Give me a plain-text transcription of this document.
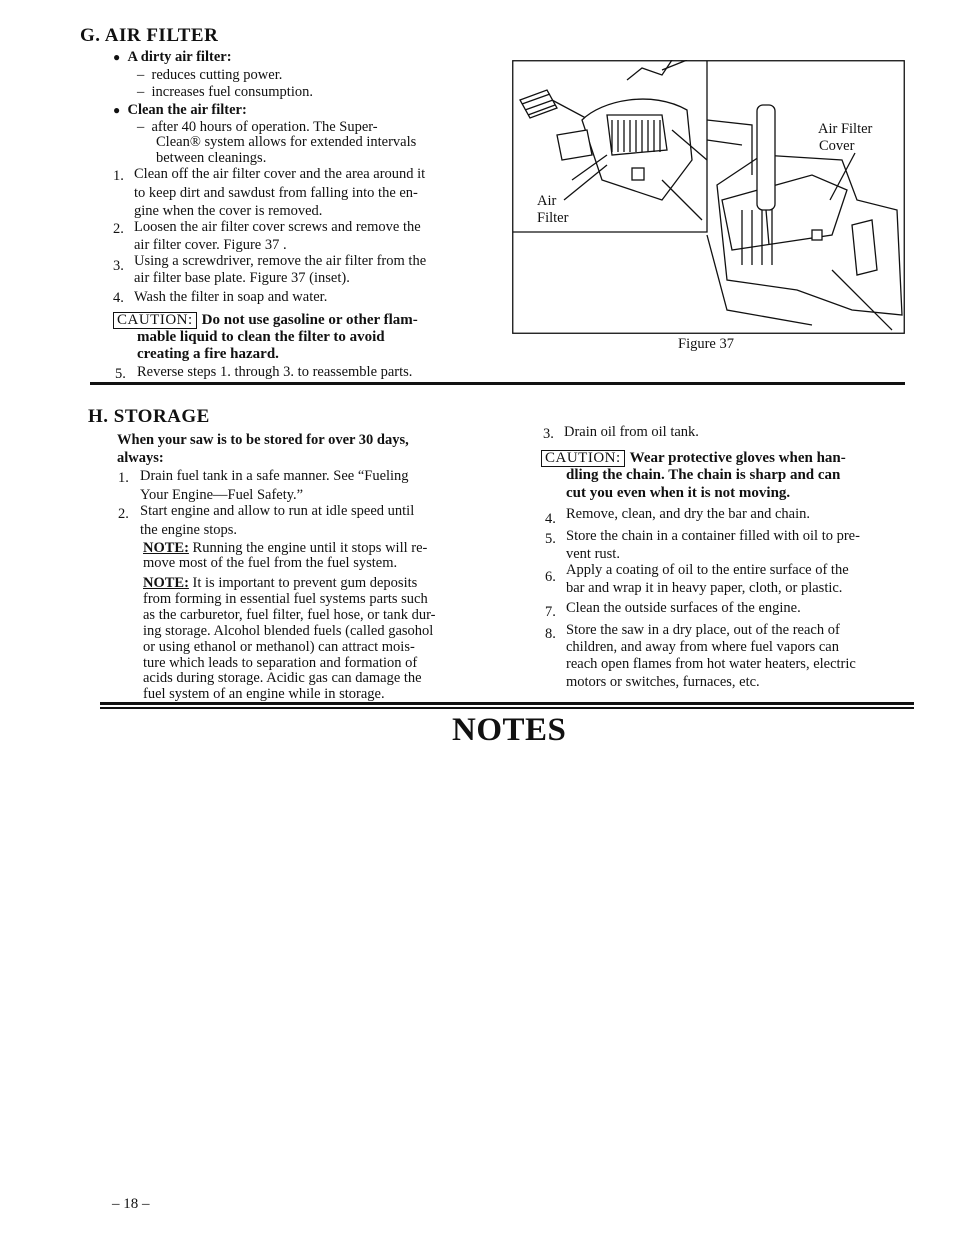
G. AIR FILTER
● A dirty air filter:
–  reduces cutting power.
–  increases fuel consumption.
● Clean the air filter:
–  after 40 hours of operation. The Super-
Clean® system allows for extended intervals
between cleanings.
1. Clean off the air filter cover and the area around it
to keep dirt and sawdust from falling into the en-
gine when the cover is removed.
2. Loosen the air filter cover screws and remove the
air filter cover. Figure 37 .
3. Using a screwdriver, remove the air filter from the
air filter base plate. Figure 37 (inset).
4. Wash the filter in soap and water.
CAUTION: Do not use gasoline or other flam-
mable liquid to clean the filter to avoid
creating a fire hazard.
5. Reverse steps 1. through 3. to reassemble parts.
Air
Filter
Air Filter
Cover
Figure 37
H. STORAGE
When your saw is to be stored for over 30 days,
always:
1. Drain fuel tank in a safe manner. See “Fueling
Your Engine––Fuel Safety.”
2. Start engine and allow to run at idle speed until
the engine stops.
NOTE: Running the engine until it stops will re-
move most of the fuel from the fuel system.
NOTE: It is important to prevent gum deposits
from forming in essential fuel systems parts such
as the carburetor, fuel filter, fuel hose, or tank dur-
ing storage. Alcohol blended fuels (called gasohol
or using ethanol or methanol) can attract mois-
ture which leads to separation and formation of
acids during storage. Acidic gas can damage the
fuel system of an engine while in storage.
3. Drain oil from oil tank.
CAUTION: Wear protective gloves when han-
dling the chain. The chain is sharp and can
cut you even when it is not moving.
4. Remove, clean, and dry the bar and chain.
5. Store the chain in a container filled with oil to pre-
vent rust.
6. Apply a coating of oil to the entire surface of the
bar and wrap it in heavy paper, cloth, or plastic.
7. Clean the outside surfaces of the engine.
8. Store the saw in a dry place, out of the reach of
children, and away from where fuel vapors can
reach open flames from hot water heaters, electric
motors or switches, furnaces, etc.
NOTES
– 18 –
